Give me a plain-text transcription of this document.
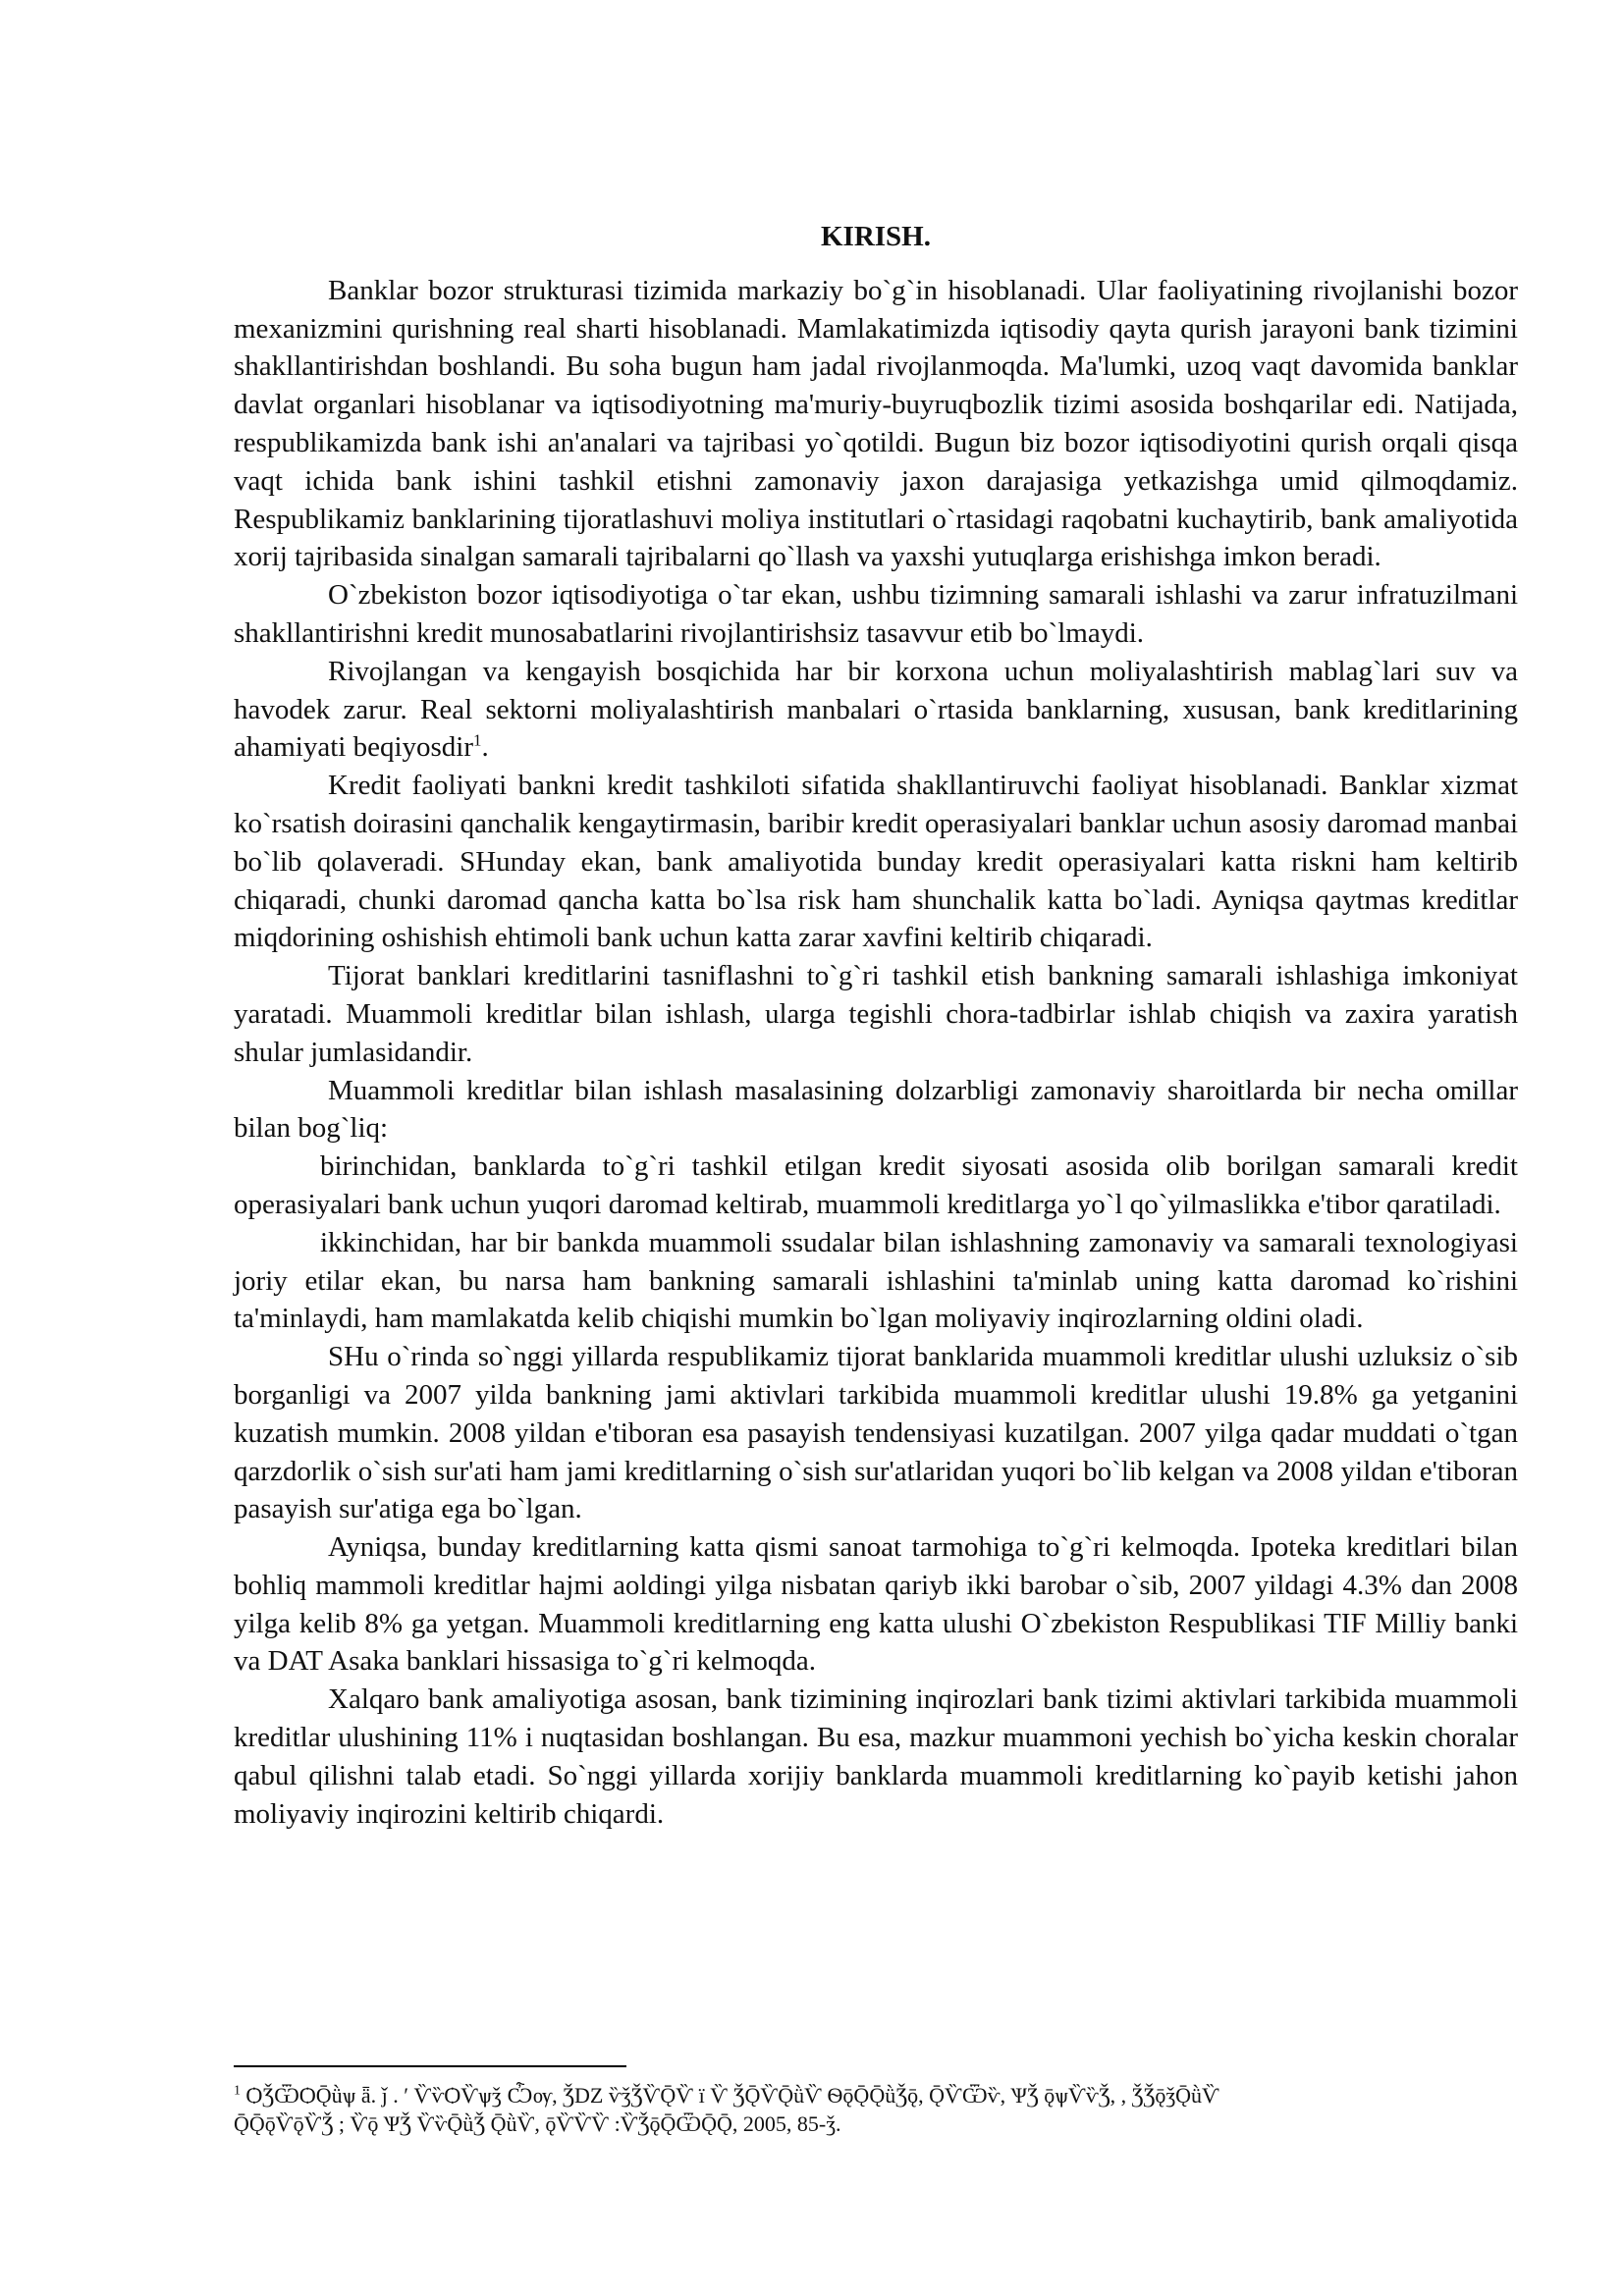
KIRISH.

Banklar bozor strukturasi tizimida markaziy bo`g`in hisoblanadi. Ular faoliyatining rivojlanishi bozor mexanizmini qurishning real sharti hisoblanadi. Mamlakatimizda iqtisodiy qayta qurish jarayoni bank tizimini shakllantirishdan boshlandi. Bu soha bugun ham jadal rivojlanmoqda. Ma'lumki, uzoq vaqt davomida banklar davlat organlari hisoblanar va iqtisodiyotning ma'muriy-buyruqbozlik tizimi asosida boshqarilar edi. Natijada, respublikamizda bank ishi an'analari va tajribasi yo`qotildi. Bugun biz bozor iqtisodiyotini qurish orqali qisqa vaqt ichida bank ishini tashkil etishni zamonaviy jaxon darajasiga yetkazishga umid qilmoqdamiz. Respublikamiz banklarining tijoratlashuvi moliya institutlari o`rtasidagi raqobatni kuchaytirib, bank amaliyotida xorij tajribasida sinalgan samarali tajribalarni qo`llash va yaxshi yutuqlarga erishishga imkon beradi.

O`zbekiston bozor iqtisodiyotiga o`tar ekan, ushbu tizimning samarali ishlashi va zarur infratuzilmani shakllantirishni kredit munosabatlarini rivojlantirishsiz tasavvur etib bo`lmaydi.

Rivojlangan va kengayish bosqichida har bir korxona uchun moliyalashtirish mablag`lari suv va havodek zarur. Real sektorni moliyalashtirish manbalari o`rtasida banklarning, xususan, bank kreditlarining ahamiyati beqiyosdir$^1$.

Kredit faoliyati bankni kredit tashkiloti sifatida shakllantiruvchi faoliyat hisoblanadi. Banklar xizmat ko`rsatish doirasini qanchalik kengaytirmasin, baribir kredit operasiyalari banklar uchun asosiy daromad manbai bo`lib qolaveradi. SHunday ekan, bank amaliyotida bunday kredit operasiyalari katta riskni ham keltirib chiqaradi, chunki daromad qancha katta bo`lsa risk ham shunchalik katta bo`ladi. Ayniqsa qaytmas kreditlar miqdorining oshishish ehtimoli bank uchun katta zarar xavfini keltirib chiqaradi.

Tijorat banklari kreditlarini tasniflashni to`g`ri tashkil etish bankning samarali ishlashiga imkoniyat yaratadi. Muammoli kreditlar bilan ishlash, ularga tegishli chora-tadbirlar ishlab chiqish va zaxira yaratish shular jumlasidandir.

Muammoli kreditlar bilan ishlash masalasining dolzarbligi zamonaviy sharoitlarda bir necha omillar bilan bog`liq:

birinchidan, banklarda to`g`ri tashkil etilgan kredit siyosati asosida olib borilgan samarali kredit operasiyalari bank uchun yuqori daromad keltirab, muammoli kreditlarga yo`l qo`yilmaslikka e'tibor qaratiladi.

ikkinchidan, har bir bankda muammoli ssudalar bilan ishlashning zamonaviy va samarali texnologiyasi joriy etilar ekan, bu narsa ham bankning samarali ishlashini ta'minlab uning katta daromad ko`rishini ta'minlaydi, ham mamlakatda kelib chiqishi mumkin bo`lgan moliyaviy inqirozlarning oldini oladi.

SHu o`rinda so`nggi yillarda respublikamiz tijorat banklarida muammoli kreditlar ulushi uzluksiz o`sib borganligi va 2007 yilda bankning jami aktivlari tarkibida muammoli kreditlar ulushi 19.8% ga yetganini kuzatish mumkin. 2008 yildan e'tiboran esa pasayish tendensiyasi kuzatilgan. 2007 yilga qadar muddati o`tgan qarzdorlik o`sish sur'ati ham jami kreditlarning o`sish sur'atlaridan yuqori bo`lib kelgan va 2008 yildan e'tiboran pasayish sur'atiga ega bo`lgan.

Ayniqsa, bunday kreditlarning katta qismi sanoat tarmohiga to`g`ri kelmoqda. Ipoteka kreditlari bilan bohliq mammoli kreditlar hajmi aoldingi yilga nisbatan qariyb ikki barobar o`sib, 2007 yildagi 4.3% dan 2008 yilga kelib 8% ga yetgan. Muammoli kreditlarning eng katta ulushi O`zbekiston Respublikasi TIF Milliy banki va DAT Asaka banklari hissasiga to`g`ri kelmoqda.

Xalqaro bank amaliyotiga asosan, bank tizimining inqirozlari bank tizimi aktivlari tarkibida muammoli kreditlar ulushining 11% i nuqtasidan boshlangan. Bu esa, mazkur muammoni yechish bo`yicha keskin choralar qabul qilishni talab etadi. So`nggi yillarda xorijiy banklarda muammoli kreditlarning ko`payib ketishi jahon moliyaviy inqirozini keltirib chiqardi.

$^1$ ѺǮѾѺǬǜѱ ǟ. ǰ . ′ ѶѷѺѶѱǯ Ѽѹ, ǮǱ ѷǯǮѶǬѶ ї Ѷ ǮǬѶǬǜѶ ѲǭǬǬǜǮǭ, ǬѶѾѷ, ѰǮ ǭѱѶѷǮ, , ǮǮǭǯǬǜѶ
ǬǬǭѶǭѶǮ ; Ѷǭ ѰǮ ѶѷǬǜǮ ǬǜѶ, ǭѶѶѶ :ѶǮǭǬѾǬǬ, 2005, 85-ǯ.
